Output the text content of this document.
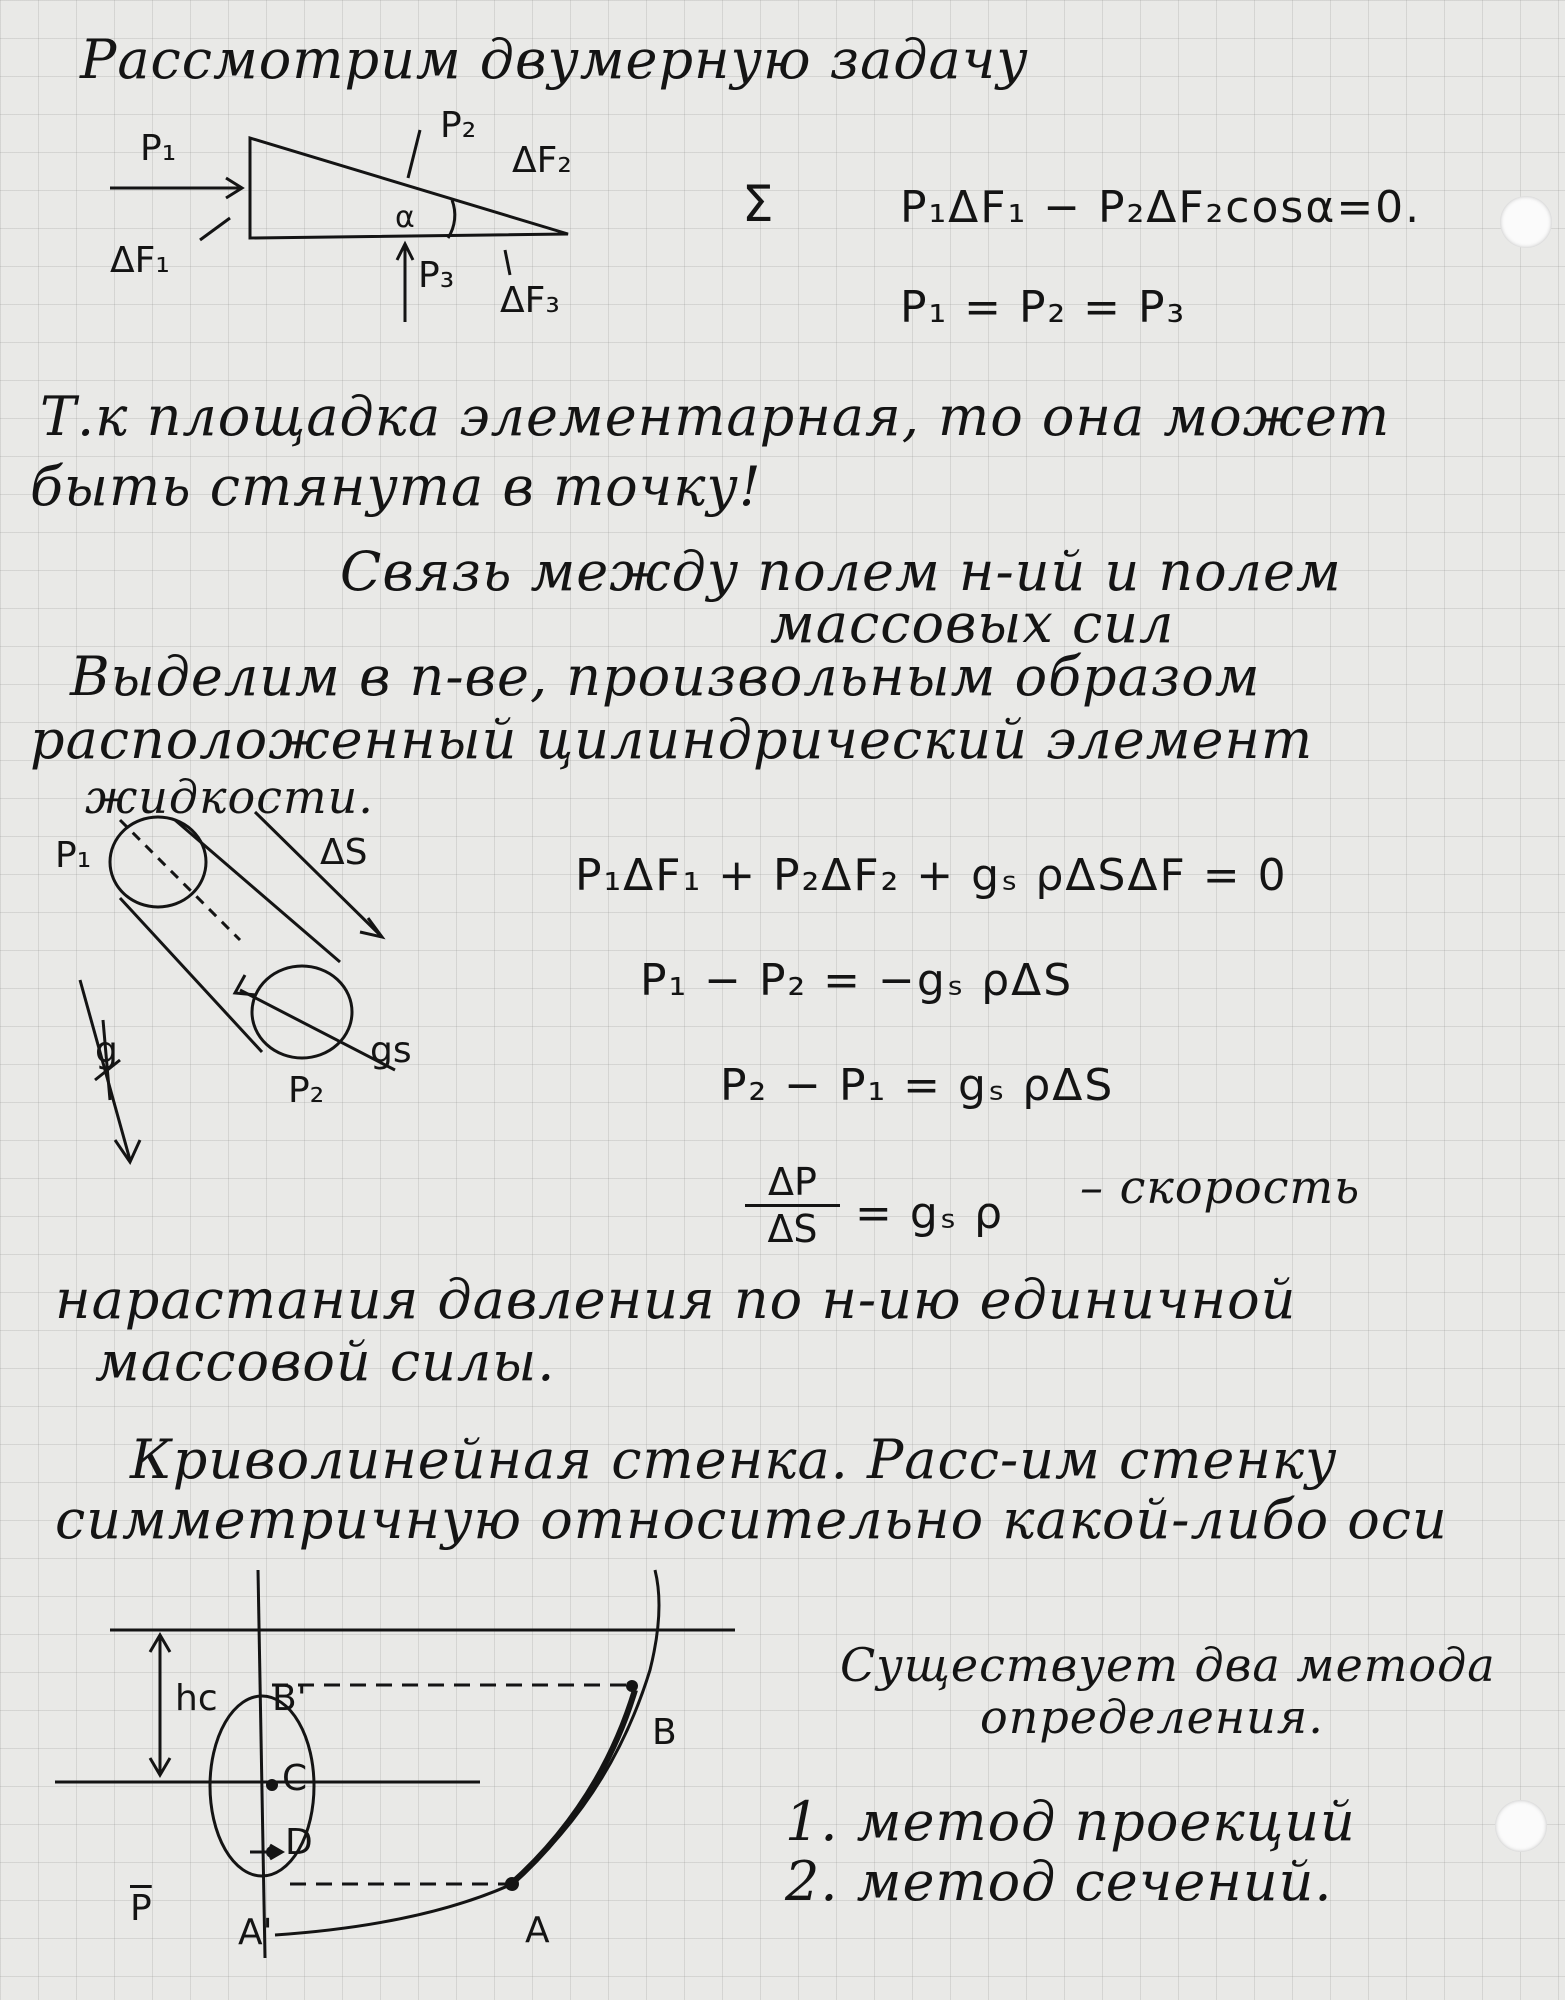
Рассмотрим двумерную задачу
P₁
ΔF₁
P₂
ΔF₂
α
P₃
ΔF₃
Σ	P₁ΔF₁ − P₂ΔF₂cosα=0.
P₁ = P₂ = P₃
Т.к площадка элементарная, то она может
быть стянута в точку!
Связь между полем н-ий и полем
массовых сил
Выделим в п-ве, произвольным образом
расположенный цилиндрический элемент
жидкости.
P₁	ΔS
gs
P₂
g
P₁ΔF₁ + P₂ΔF₂ + gₛ ρΔSΔF = 0
P₁ − P₂ = −gₛ ρΔS
P₂ − P₁ = gₛ ρΔS
$\frac{\Delta P}{\Delta S} = g_s$ ρ – скорость
нарастания давления по н-ию единичной
массовой силы.
Криволинейная стенка. Расс-им стенку
симметричную относительно какой-либо оси
hc B'
B
C
D
$\overline{P}$
A'	A
Существует два метода
определения.
1. метод проекций
2. метод сечений.
